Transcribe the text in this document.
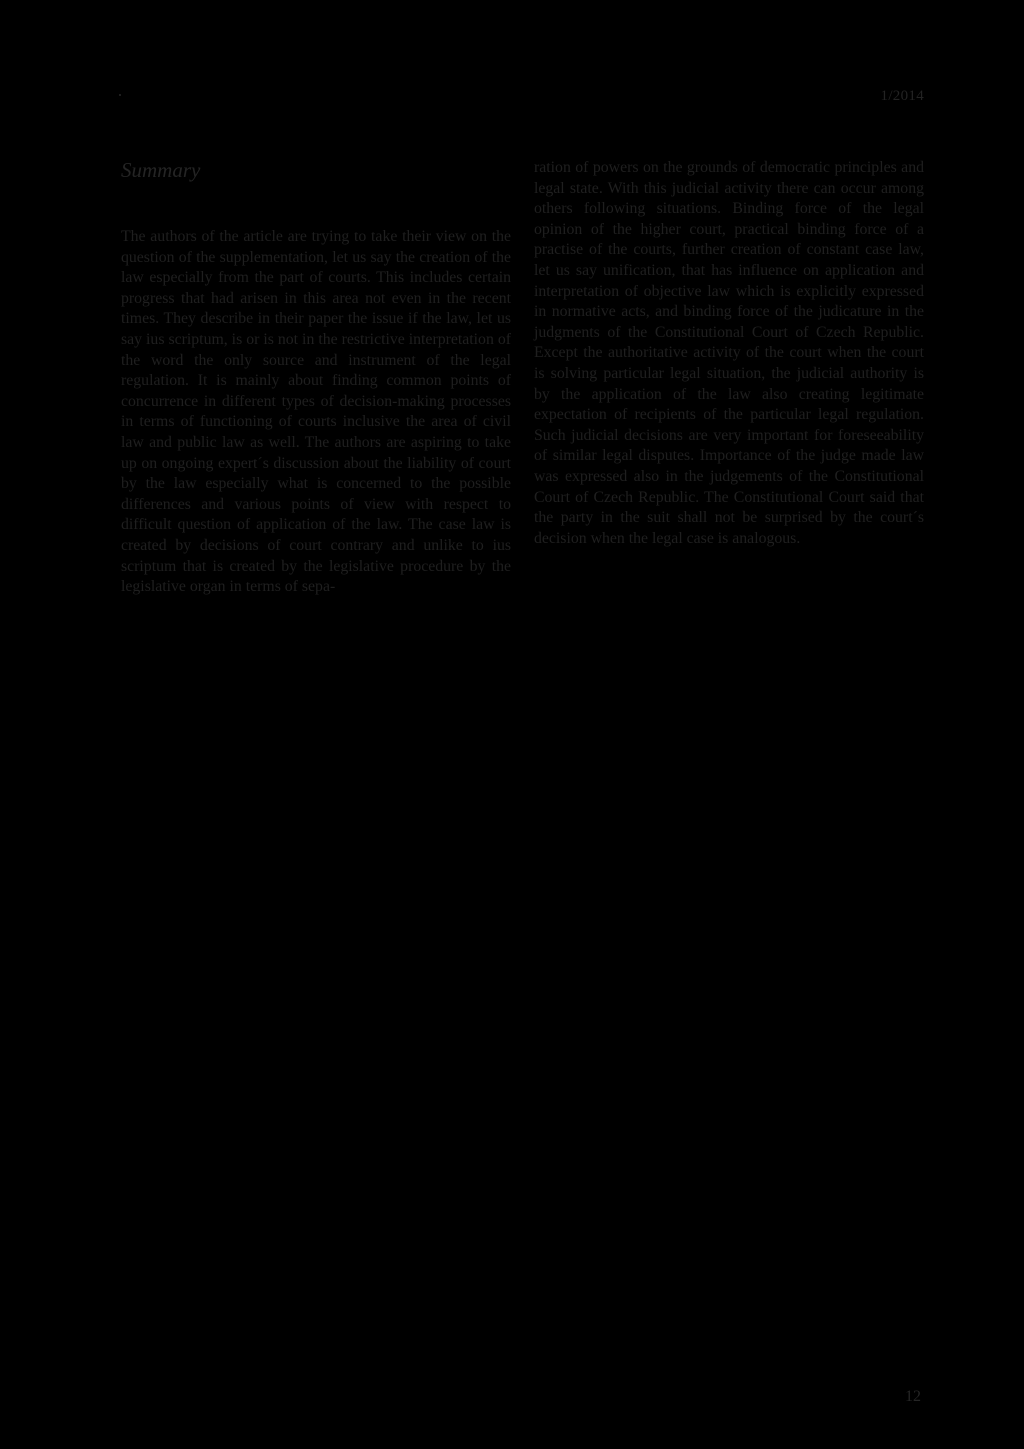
1/2014
Summary

The authors of the article are trying to take their view on the question of the supplementation, let us say the creation of the law especially from the part of courts. This includes certain progress that had arisen in this area not even in the recent times. They describe in their paper the issue if the law, let us say ius scriptum, is or is not in the restrictive interpretation of the word the only source and instrument of the legal regulation. It is mainly about finding common points of concurrence in different types of decision-making processes in terms of functioning of courts inclusive the area of civil law and public law as well. The authors are aspiring to take up on ongoing expert´s discussion about the liability of court by the law especially what is concerned to the possible differences and various points of view with respect to difficult question of application of the law. The case law is created by decisions of court contrary and unlike to ius scriptum that is created by the legislative procedure by the legislative organ in terms of sepa-

ration of powers on the grounds of democratic principles and legal state. With this judicial activity there can occur among others following situations. Binding force of the legal opinion of the higher court, practical binding force of a practise of the courts, further creation of constant case law, let us say unification, that has influence on application and interpretation of objective law which is explicitly expressed in normative acts, and binding force of the judicature in the judgments of the Constitutional Court of Czech Republic. Except the authoritative activity of the court when the court is solving particular legal situation, the judicial authority is by the application of the law also creating legitimate expectation of recipients of the particular legal regulation. Such judicial decisions are very important for foreseeability of similar legal disputes. Importance of the judge made law was expressed also in the judgements of the Constitutional Court of Czech Republic. The Constitutional Court said that the party in the suit shall not be surprised by the court´s decision when the legal case is analogous.

12
